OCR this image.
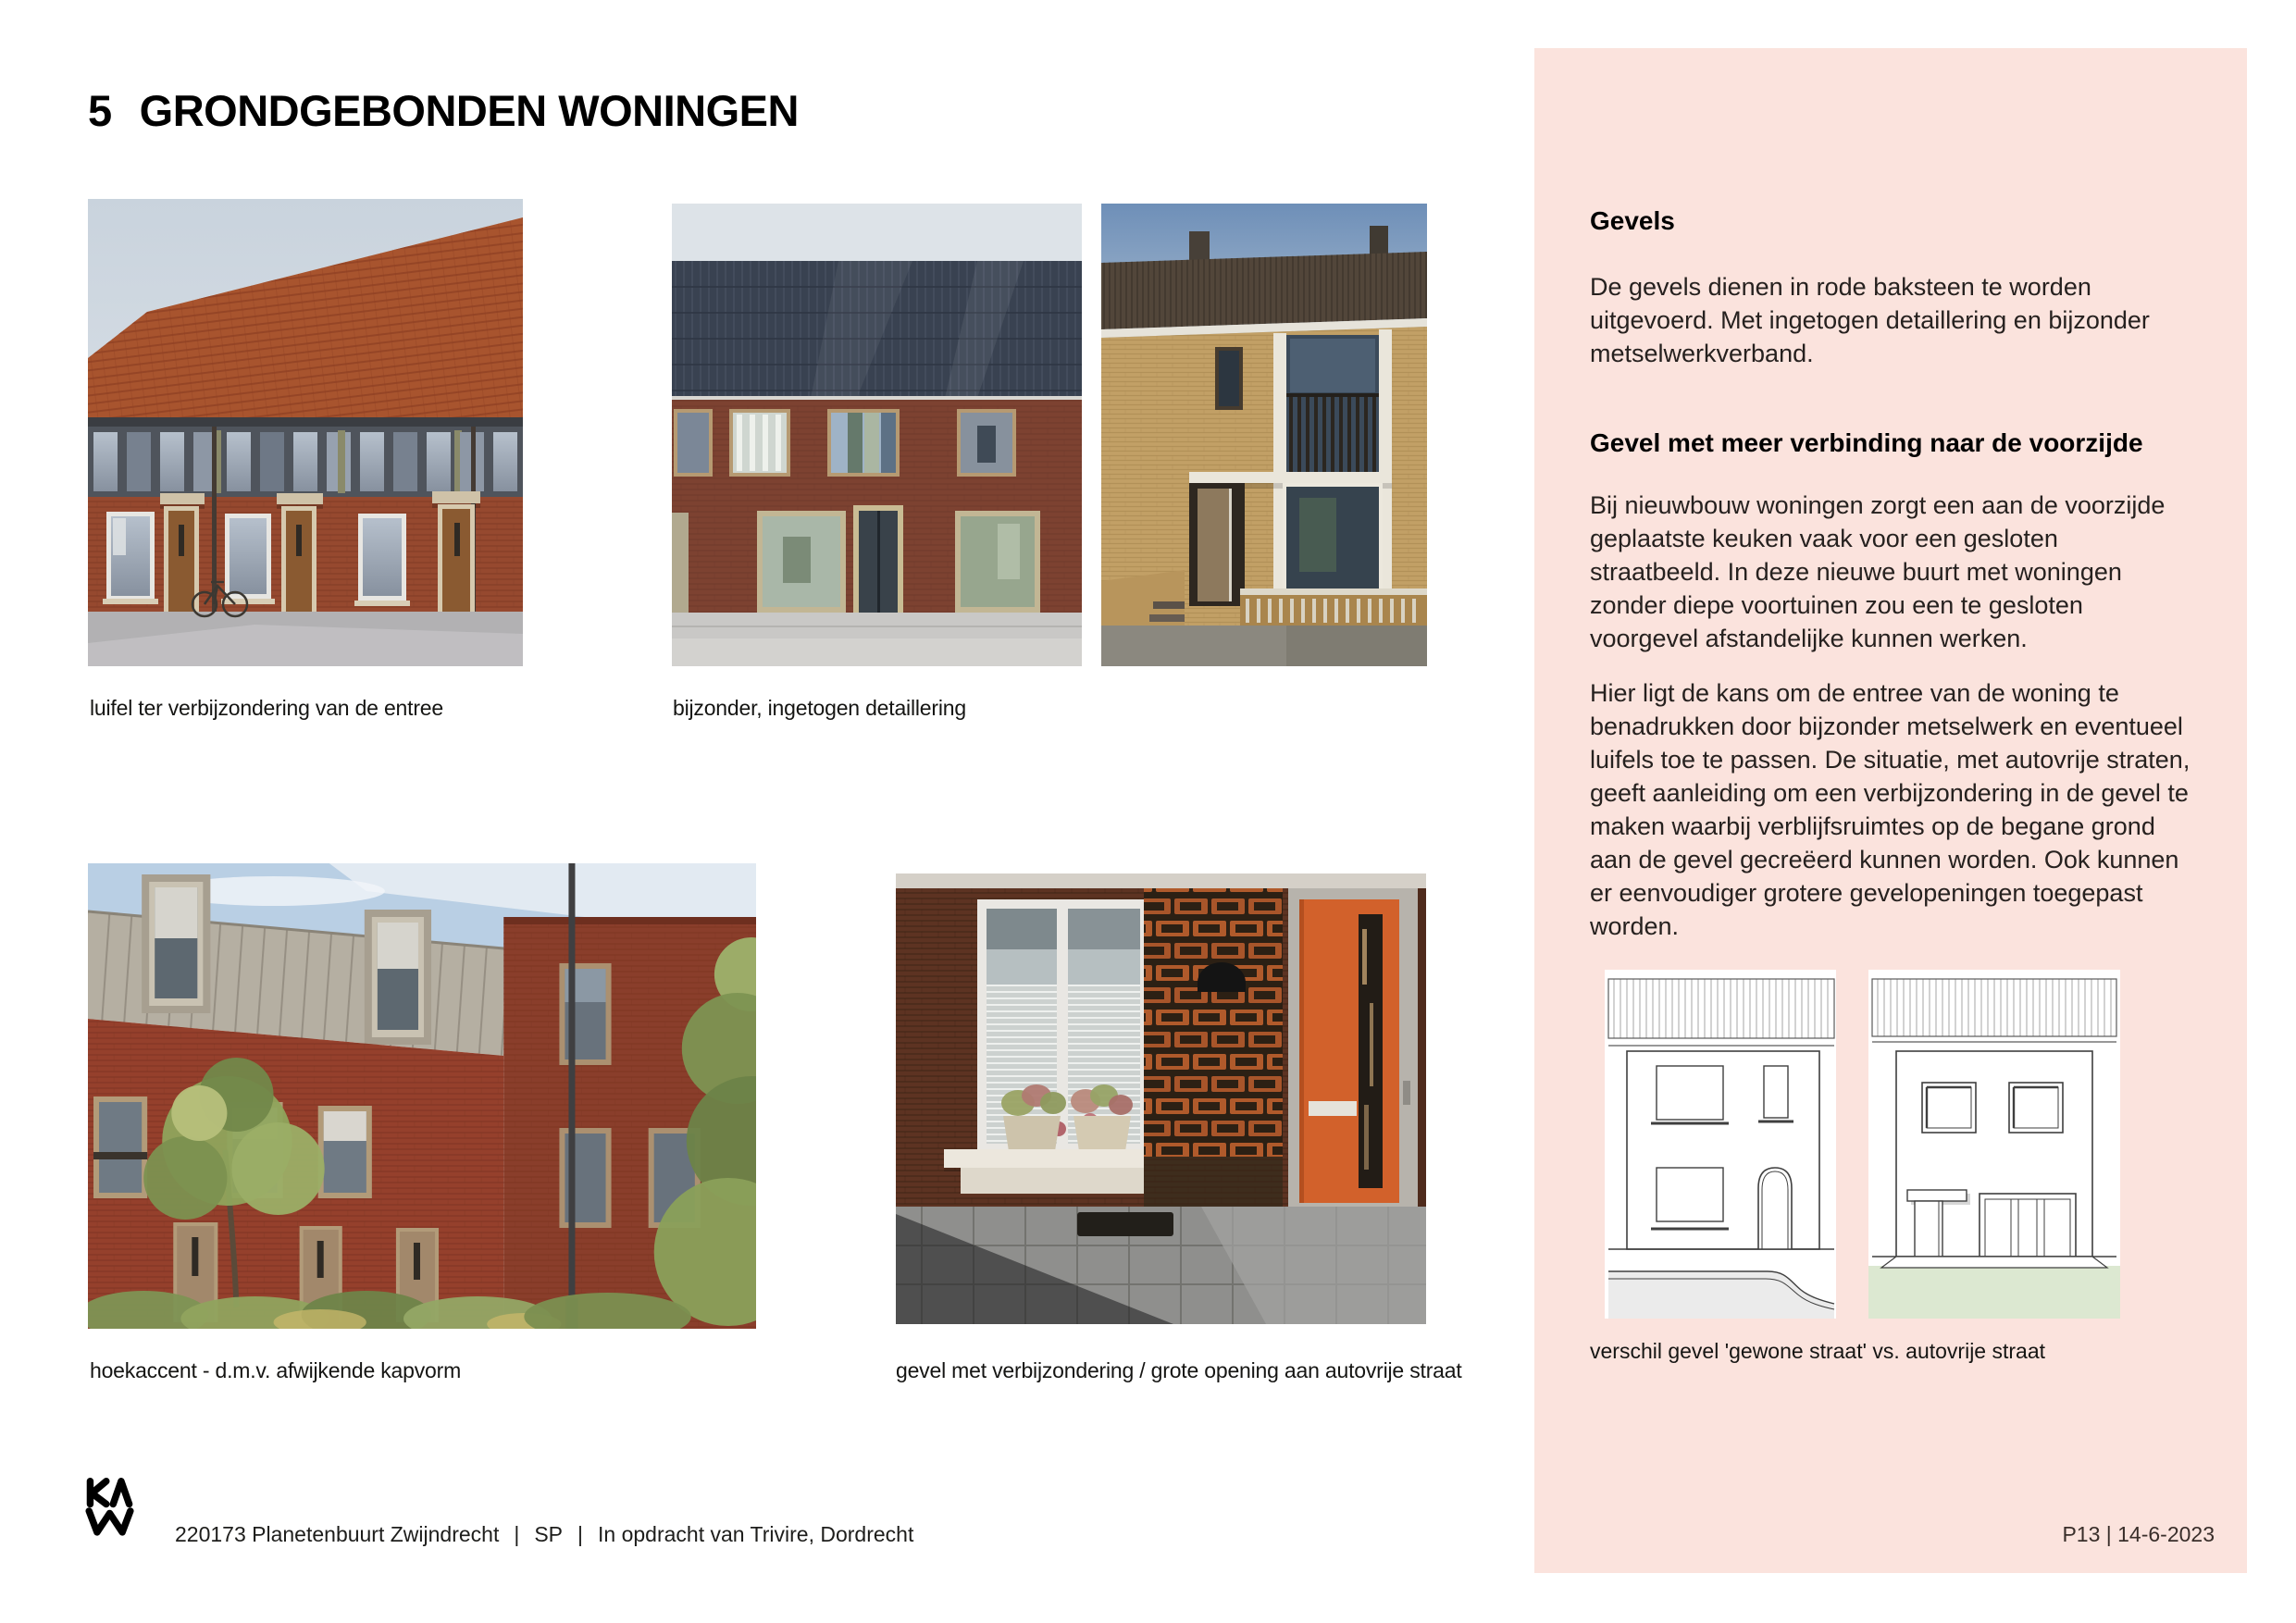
5 GRONDGEBONDEN WONINGEN
luifel ter verbijzondering van de entree	bijzonder, ingetogen detaillering
hoekaccent - d.m.v. afwijkende kapvorm	gevel met verbijzondering / grote opening aan autovrije straat
Gevels

De gevels dienen in rode baksteen te worden uitgevoerd. Met ingetogen detaillering en bijzonder metselwerkverband.

Gevel met meer verbinding naar de voorzijde

Bij nieuwbouw woningen zorgt een aan de voorzijde geplaatste keuken vaak voor een gesloten straatbeeld. In deze nieuwe buurt met woningen zonder diepe voortuinen zou een te gesloten voorgevel afstandelijke kunnen werken.

Hier ligt de kans om de entree van de woning te benadrukken door bijzonder metselwerk en eventueel luifels toe te passen. De situatie, met autovrije straten, geeft aanleiding om een verbijzondering in de gevel te maken waarbij verblijfsruimtes op de begane grond aan de gevel gecreëerd kunnen worden. Ook kunnen er eenvoudiger grotere gevelopeningen toegepast worden.

verschil gevel 'gewone straat' vs. autovrije straat
220173 Planetenbuurt Zwijndrecht | SP | In opdracht van Trivire, Dordrecht	P13 | 14-6-2023
